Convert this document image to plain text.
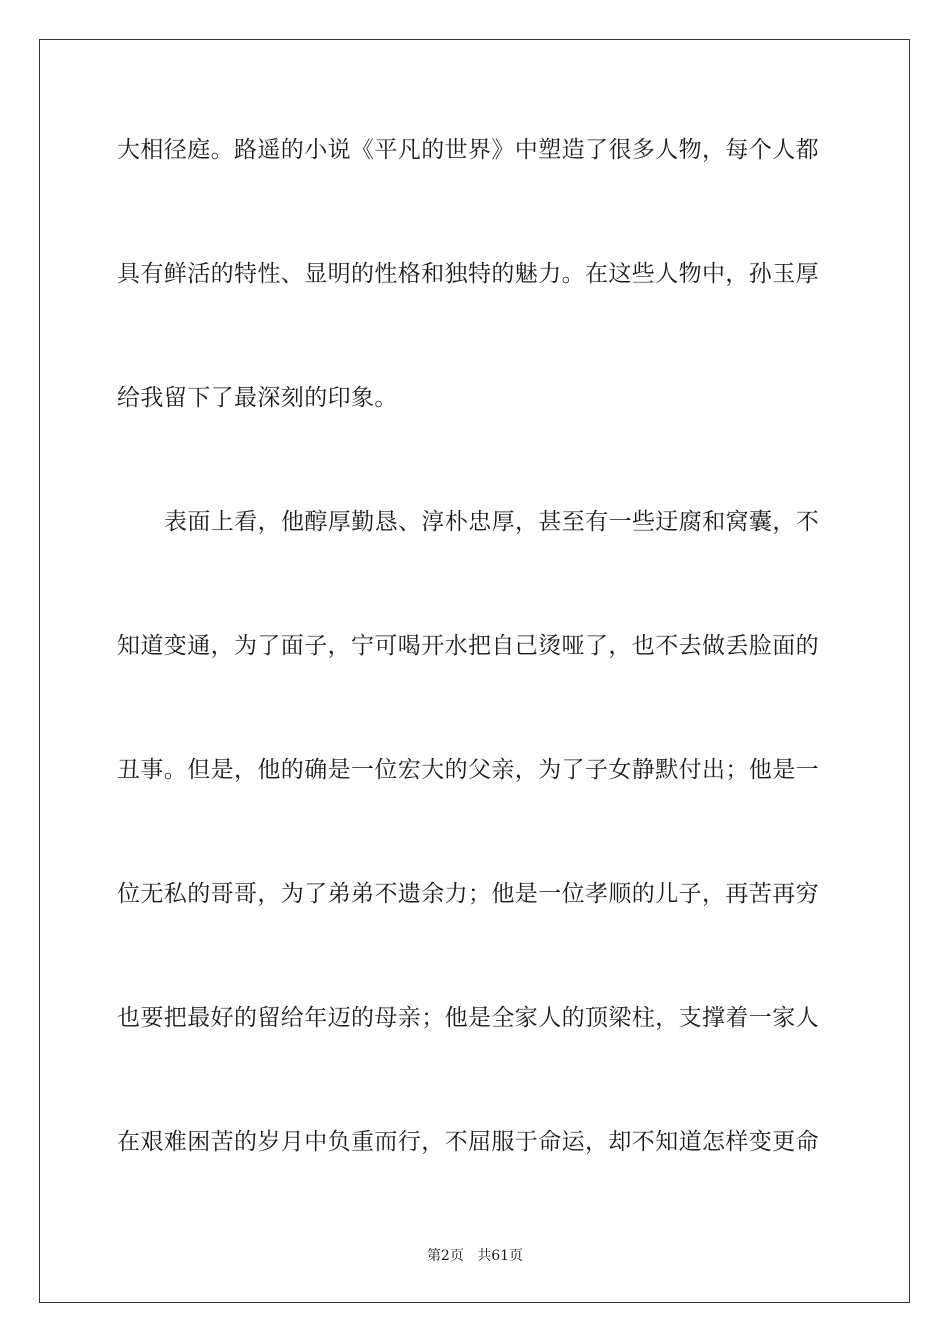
大相径庭。路遥的小说《平凡的世界》中塑造了很多人物，每个人都
具有鲜活的特性、显明的性格和独特的魅力。在这些人物中，孙玉厚
给我留下了最深刻的印象。
表面上看，他醇厚勤恳、淳朴忠厚，甚至有一些迂腐和窝囊，不
知道变通，为了面子，宁可喝开水把自己烫哑了，也不去做丢脸面的
丑事。但是，他的确是一位宏大的父亲，为了子女静默付出；他是一
位无私的哥哥，为了弟弟不遗余力；他是一位孝顺的儿子，再苦再穷
也要把最好的留给年迈的母亲；他是全家人的顶梁柱，支撑着一家人
在艰难困苦的岁月中负重而行，不屈服于命运，却不知道怎样变更命
第2页 共61页
